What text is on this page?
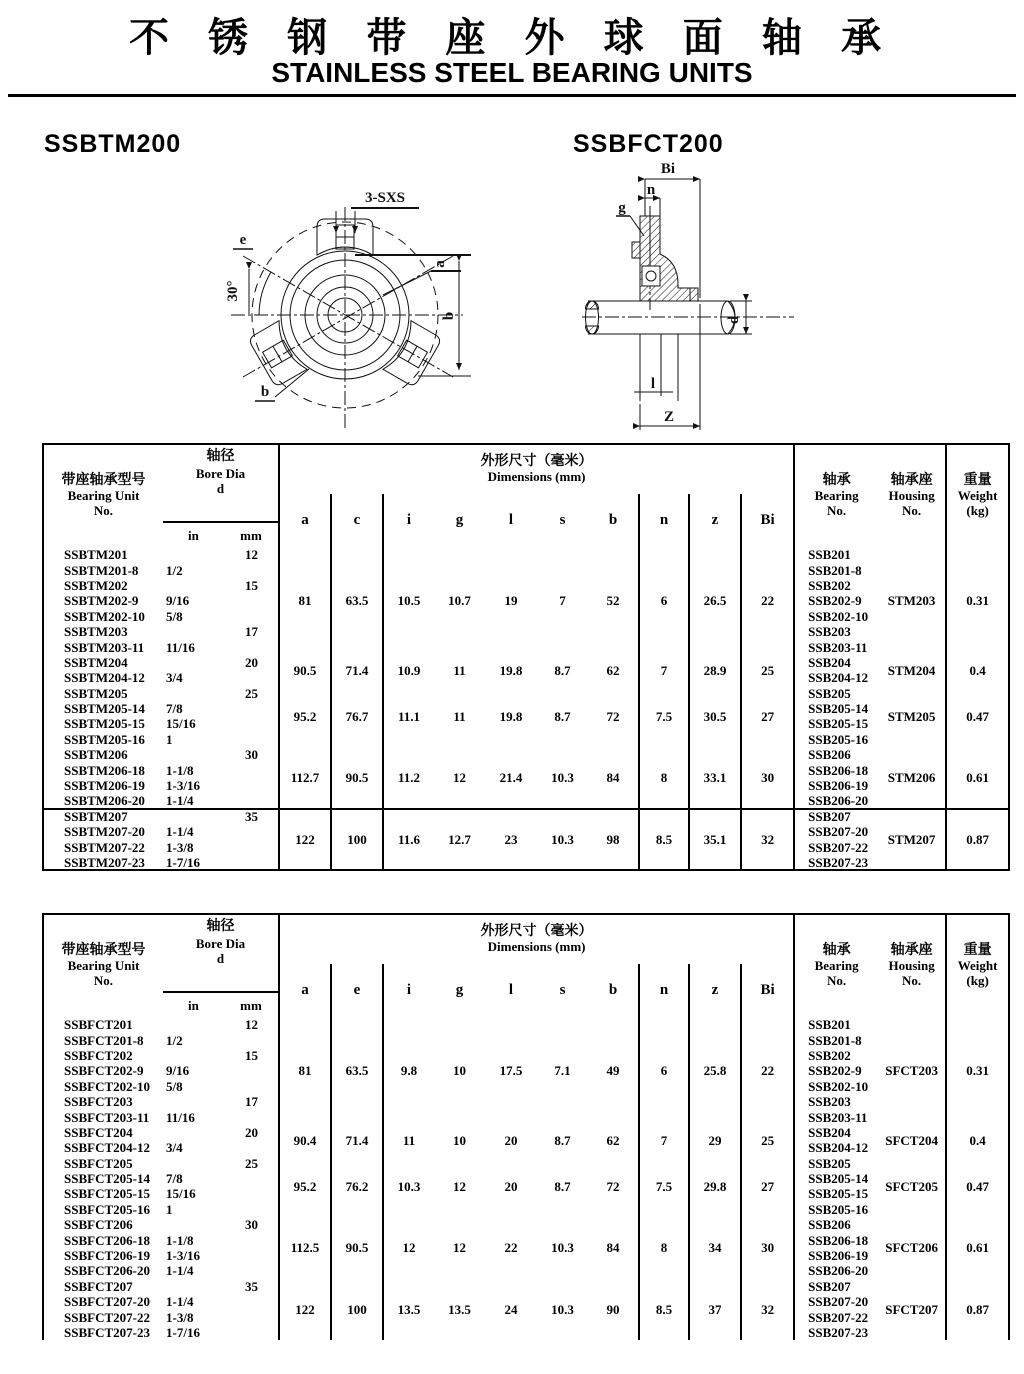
不 锈 钢 带 座 外 球 面 轴 承
STAINLESS STEEL BEARING UNITS
SSBTM200	SSBFCT200
3-SXS
e
30°
a
b
b
Bi
n
g
d
l
Z
带座轴承型号
Bearing Unit
No.

轴径
Bore Dia
d
in	mm

外形尺寸（毫米）
Dimensions (mm)	轴承
Bearing
No.

轴承座
Housing
No.

重量
Weight
(kg)

			a	c	i	g	l	s	b	n	z	Bi			
SSBTM201		12	81	63.5	10.5	10.7	19	7	52	6	26.5	22	SSB201	STM203	0.31
SSBTM201-8	1/2												SSB201-8		
SSBTM202		15											SSB202		
SSBTM202-9	9/16												SSB202-9		
SSBTM202-10	5/8												SSB202-10		
SSBTM203		17											SSB203		
SSBTM203-11	11/16												SSB203-11		
SSBTM204		20	90.5	71.4	10.9	11	19.8	8.7	62	7	28.9	25	SSB204	STM204	0.4
SSBTM204-12	3/4												SSB204-12		
SSBTM205		25	95.2	76.7	11.1	11	19.8	8.7	72	7.5	30.5	27	SSB205	STM205	0.47
SSBTM205-14	7/8												SSB205-14		
SSBTM205-15	15/16												SSB205-15		
SSBTM205-16	1												SSB205-16		
SSBTM206		30	112.7	90.5	11.2	12	21.4	10.3	84	8	33.1	30	SSB206	STM206	0.61
SSBTM206-18	1-1/8												SSB206-18		
SSBTM206-19	1-3/16												SSB206-19		
SSBTM206-20	1-1/4												SSB206-20		
SSBTM207		35	122	100	11.6	12.7	23	10.3	98	8.5	35.1	32	SSB207	STM207	0.87
SSBTM207-20	1-1/4												SSB207-20		
SSBTM207-22	1-3/8												SSB207-22		
SSBTM207-23	1-7/16												SSB207-23		
带座轴承型号
Bearing Unit
No.

轴径
Bore Dia
d
in	mm

外形尺寸（毫米）
Dimensions (mm)	轴承
Bearing
No.

轴承座
Housing
No.

重量
Weight
(kg)

			a	e	i	g	l	s	b	n	z	Bi			
SSBFCT201		12	81	63.5	9.8	10	17.5	7.1	49	6	25.8	22	SSB201	SFCT203	0.31
SSBFCT201-8	1/2												SSB201-8		
SSBFCT202		15											SSB202		
SSBFCT202-9	9/16												SSB202-9		
SSBFCT202-10	5/8												SSB202-10		
SSBFCT203		17											SSB203		
SSBFCT203-11	11/16												SSB203-11		
SSBFCT204		20	90.4	71.4	11	10	20	8.7	62	7	29	25	SSB204	SFCT204	0.4
SSBFCT204-12	3/4												SSB204-12		
SSBFCT205		25	95.2	76.2	10.3	12	20	8.7	72	7.5	29.8	27	SSB205	SFCT205	0.47
SSBFCT205-14	7/8												SSB205-14		
SSBFCT205-15	15/16												SSB205-15		
SSBFCT205-16	1												SSB205-16		
SSBFCT206		30	112.5	90.5	12	12	22	10.3	84	8	34	30	SSB206	SFCT206	0.61
SSBFCT206-18	1-1/8												SSB206-18		
SSBFCT206-19	1-3/16												SSB206-19		
SSBFCT206-20	1-1/4												SSB206-20		
SSBFCT207		35	122	100	13.5	13.5	24	10.3	90	8.5	37	32	SSB207	SFCT207	0.87
SSBFCT207-20	1-1/4												SSB207-20		
SSBFCT207-22	1-3/8												SSB207-22		
SSBFCT207-23	1-7/16												SSB207-23		
